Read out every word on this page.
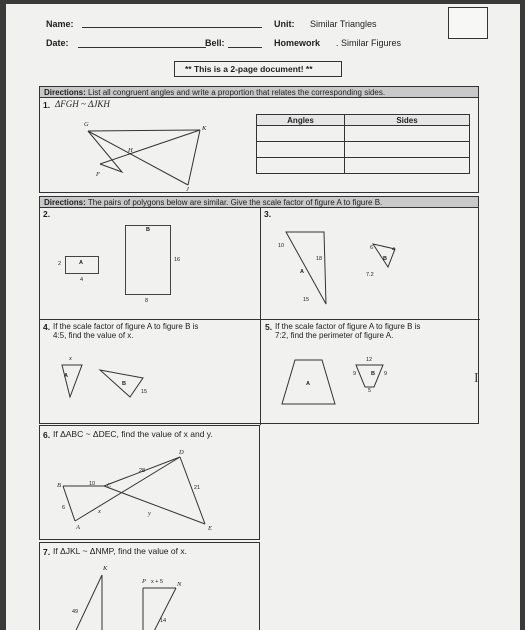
Name:
Date:	Bell:
Unit: Similar Triangles
Homework . Similar Figures
** This is a 2-page document! **
Directions: List all congruent angles and write a proportion that relates the corresponding sides.
1. ΔFGH ~ ΔJKH
G
K
H
F
J
Angles	Sides

Directions: The pairs of polygons below are similar. Give the scale factor of figure A to figure B.
2.
A
2
4
B
16
8
3.
10
18
15
A
6	4
7.2
B
4. If the scale factor of figure A to figure B is
4:5, find the value of x.
x
A
B
15
5. If the scale factor of figure A to figure B is
7:2, find the perimeter of figure A.
A
12
9	B 9
5
I
6. If ΔABC ~ ΔDEC, find the value of x and y.
D
B	C
A	E
10
28
21
6	x	y
7. If ΔJKL ~ ΔNMP, find the value of x.
K
P x + 5 N
49
14
